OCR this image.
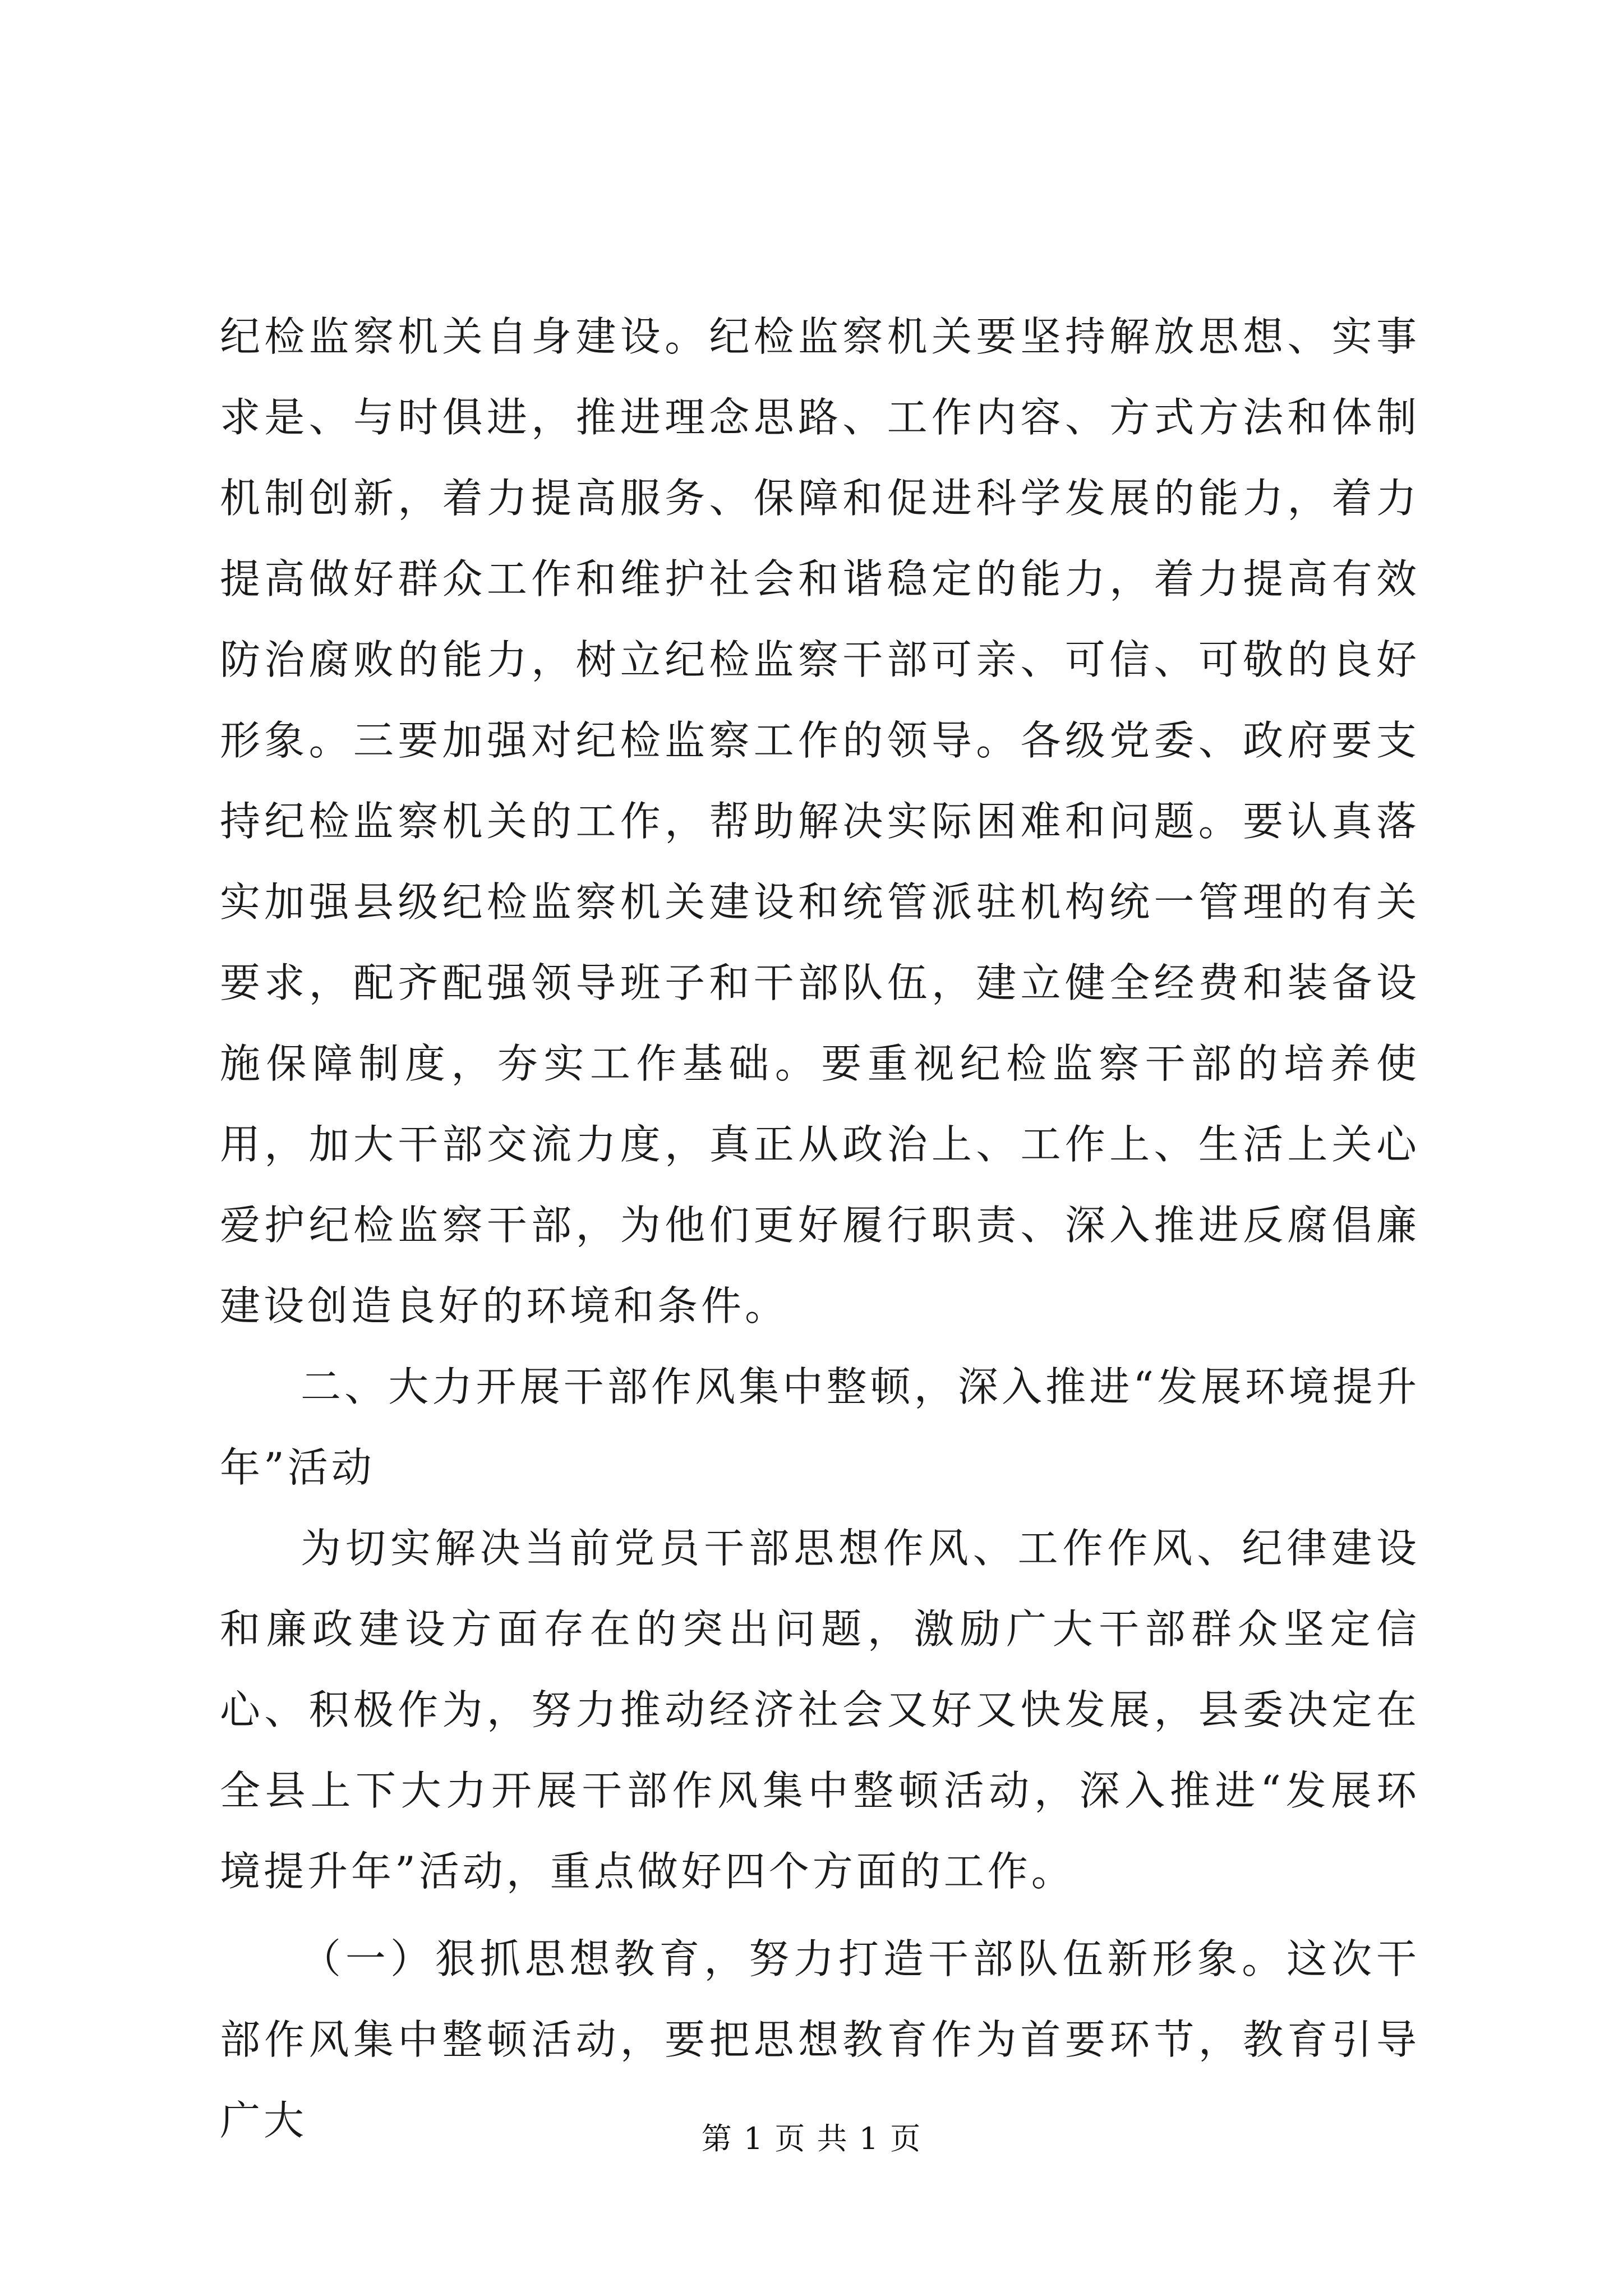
纪检监察机关自身建设。纪检监察机关要坚持解放思想、实事求是、与时俱进，推进理念思路、工作内容、方式方法和体制机制创新，着力提高服务、保障和促进科学发展的能力，着力提高做好群众工作和维护社会和谐稳定的能力，着力提高有效防治腐败的能力，树立纪检监察干部可亲、可信、可敬的良好形象。三要加强对纪检监察工作的领导。各级党委、政府要支持纪检监察机关的工作，帮助解决实际困难和问题。要认真落实加强县级纪检监察机关建设和统管派驻机构统一管理的有关要求，配齐配强领导班子和干部队伍，建立健全经费和装备设施保障制度，夯实工作基础。要重视纪检监察干部的培养使用，加大干部交流力度，真正从政治上、工作上、生活上关心爱护纪检监察干部，为他们更好履行职责、深入推进反腐倡廉建设创造良好的环境和条件。

二、大力开展干部作风集中整顿，深入推进“发展环境提升年”活动

为切实解决当前党员干部思想作风、工作作风、纪律建设和廉政建设方面存在的突出问题，激励广大干部群众坚定信心、积极作为，努力推动经济社会又好又快发展，县委决定在全县上下大力开展干部作风集中整顿活动，深入推进“发展环境提升年”活动，重点做好四个方面的工作。

（一）狠抓思想教育，努力打造干部队伍新形象。这次干部作风集中整顿活动，要把思想教育作为首要环节，教育引导广大	第 1 页 共 1 页
